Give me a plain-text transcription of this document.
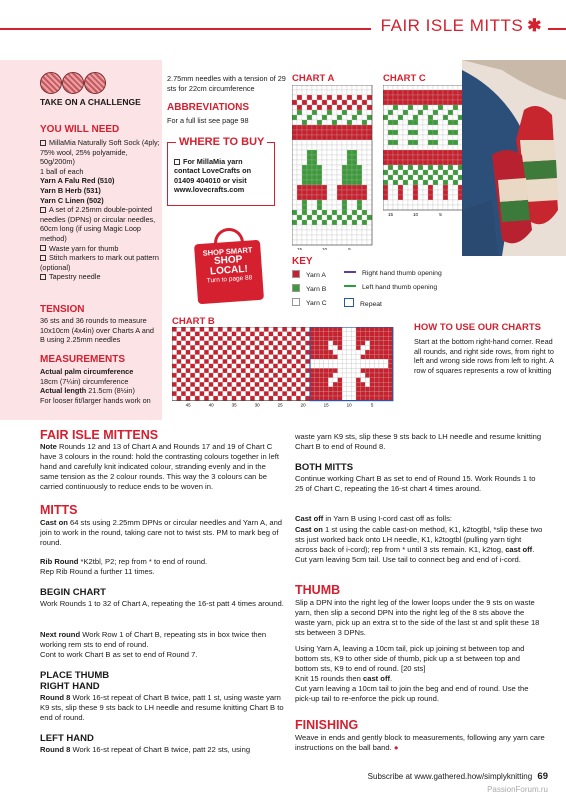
FAIR ISLE MITTS ✱
TAKE ON A CHALLENGE
YOU WILL NEED
MillaMia Naturally Soft Sock (4ply; 75% wool, 25% polyamide, 50g/200m)
1 ball of each
Yarn A Falu Red (510)
Yarn B Herb (531)
Yarn C Linen (502)
A set of 2.25mm double-pointed needles (DPNs) or circular needles, 60cm long (if using Magic Loop method)
Waste yarn for thumb
Stitch markers to mark out pattern (optional)
Tapestry needle
TENSION
36 sts and 36 rounds to measure 10x10cm (4x4in) over Charts A and B using 2.25mm needles
MEASUREMENTS
Actual palm circumference
18cm (7¼in) circumference
Actual length 21.5cm (8½in)
For looser fit/larger hands work on
2.75mm needles with a tension of 29 sts for 22cm circumference
ABBREVIATIONS
For a full list see page 98
WHERE TO BUY
For MillaMia yarn contact LoveCrafts on 01409 404010 or visit www.lovecrafts.com
SHOP SMART
SHOP LOCAL!
Turn to page 88
CHART A	CHART C
15	10	5
15	10	5
CHART B
45	40	35	30	25	20	15	10	5
KEY
Yarn A
Yarn B
Yarn C
Right hand thumb opening
Left hand thumb opening
Repeat
HOW TO USE OUR CHARTS
Start at the bottom right-hand corner. Read all rounds, and right side rows, from right to left and wrong side rows from left to right. A row of squares represents a row of knitting
FAIR ISLE MITTENS
Note Rounds 12 and 13 of Chart A and Rounds 17 and 19 of Chart C have 3 colours in the round: hold the contrasting colours together in left hand and carefully knit indicated colour, stranding evenly and in the same tension as the 2 colour rounds. This way the 3 colours can be carried continuously to reduce ends to be woven in.
MITTS
Cast on 64 sts using 2.25mm DPNs or circular needles and Yarn A, and join to work in the round, taking care not to twist sts. PM to mark beg of round.
Rib Round *K2tbl, P2; rep from * to end of round.
Rep Rib Round a further 11 times.
BEGIN CHART
Work Rounds 1 to 32 of Chart A, repeating the 16-st patt 4 times around.
Next round Work Row 1 of Chart B, repeating sts in box twice then working rem sts to end of round.
Cont to work Chart B as set to end of Round 7.
PLACE THUMB
RIGHT HAND
Round 8 Work 16-st repeat of Chart B twice, patt 1 st, using waste yarn K9 sts, slip these 9 sts back to LH needle and resume knitting Chart B to end of round.
LEFT HAND
Round 8 Work 16-st repeat of Chart B twice, patt 22 sts, using
waste yarn K9 sts, slip these 9 sts back to LH needle and resume knitting Chart B to end of Round 8.
BOTH MITTS
Continue working Chart B as set to end of Round 15. Work Rounds 1 to 25 of Chart C, repeating the 16-st chart 4 times around.
Cast off in Yarn B using I-cord cast off as folls:
Cast on 1 st using the cable cast-on method, K1, k2togtbl, *slip these two sts just worked back onto LH needle, K1, k2togtbl (pulling yarn tight across back of i-cord); rep from * until 3 sts remain. K1, k2tog, cast off. Cut yarn leaving 5cm tail. Use tail to connect beg and end of i-cord.
THUMB
Slip a DPN into the right leg of the lower loops under the 9 sts on waste yarn, then slip a second DPN into the right leg of the 8 sts above the waste yarn, pick up an extra st to the side of the last st and split these 18 sts between 3 DPNs.
Using Yarn A, leaving a 10cm tail, pick up joining st between top and bottom sts, K9 to other side of thumb, pick up a st between top and bottom sts, K9 to end of round. [20 sts]
Knit 15 rounds then cast off.
Cut yarn leaving a 10cm tail to join the beg and end of round. Use the pick-up tail to re-enforce the pick up round.
FINISHING
Weave in ends and gently block to measurements, following any yarn care instructions on the ball band. ●
Subscribe at www.gathered.how/simplyknitting 69
PassionForum.ru
